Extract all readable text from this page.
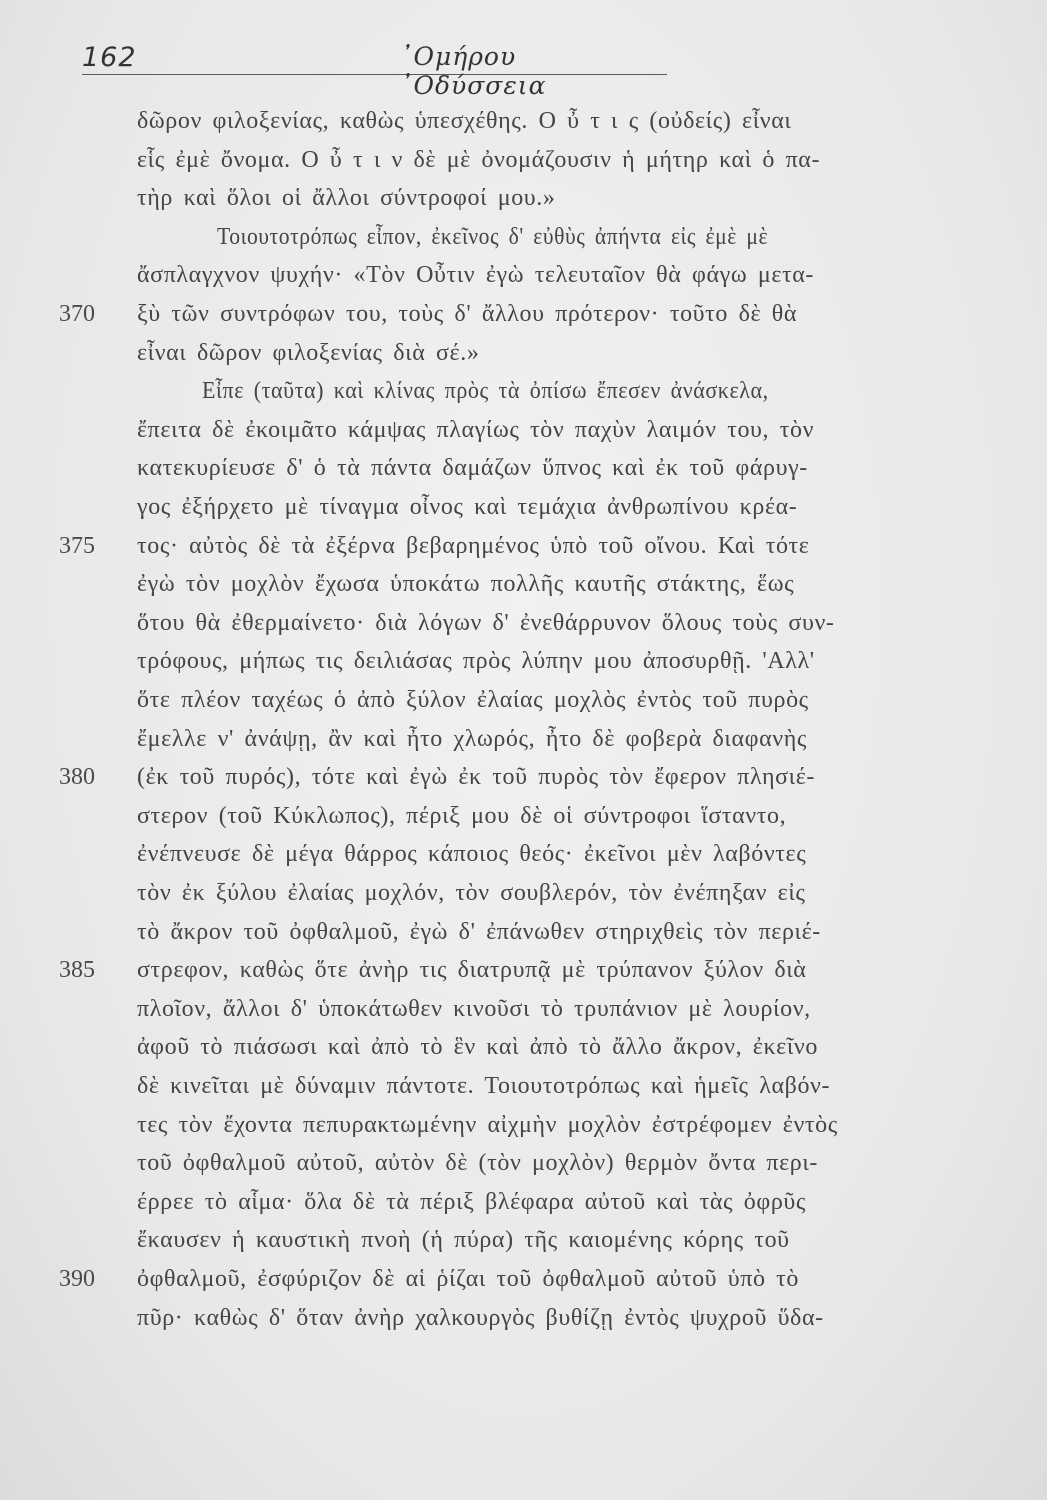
162	᾽Ομήρου ᾽Οδύσσεια
δῶρον φιλοξενίας, καθὼς ὑπεσχέθης. Ο ὖ τ ι ς (οὐδείς) εἶναι
εἷς ἐμὲ ὄνομα. Ο ὖ τ ι ν δὲ μὲ ὀνομάζουσιν ἡ μήτηρ καὶ ὁ πα-
τὴρ καὶ ὅλοι οἱ ἄλλοι σύντροφοί μου.»
Τοιουτοτρόπως εἶπον, ἐκεῖνος δ' εὐθὺς ἀπήντα εἰς ἐμὲ μὲ
ἄσπλαγχνον ψυχήν· «Τὸν Οὖτιν ἐγὼ τελευταῖον θὰ φάγω μετα-
ξὺ τῶν συντρόφων του, τοὺς δ' ἄλλου πρότερον· τοῦτο δὲ θὰ
370
εἶναι δῶρον φιλοξενίας διὰ σέ.»
Εἶπε (ταῦτα) καὶ κλίνας πρὸς τὰ ὀπίσω ἔπεσεν ἀνάσκελα,
ἔπειτα δὲ ἐκοιμᾶτο κάμψας πλαγίως τὸν παχὺν λαιμόν του, τὸν
κατεκυρίευσε δ' ὁ τὰ πάντα δαμάζων ὕπνος καὶ ἐκ τοῦ φάρυγ-
γος ἐξήρχετο μὲ τίναγμα οἶνος καὶ τεμάχια ἀνθρωπίνου κρέα-
τος· αὐτὸς δὲ τὰ ἐξέρνα βεβαρημένος ὑπὸ τοῦ οἴνου. Καὶ τότε
375
ἐγὼ τὸν μοχλὸν ἔχωσα ὑποκάτω πολλῆς καυτῆς στάκτης, ἕως
ὅτου θὰ ἐθερμαίνετο· διὰ λόγων δ' ἐνεθάρρυνον ὅλους τοὺς συν-
τρόφους, μήπως τις δειλιάσας πρὸς λύπην μου ἀποσυρθῇ. 'Αλλ'
ὅτε πλέον ταχέως ὁ ἀπὸ ξύλον ἐλαίας μοχλὸς ἐντὸς τοῦ πυρὸς
ἔμελλε ν' ἀνάψῃ, ἂν καὶ ἦτο χλωρός, ἦτο δὲ φοβερὰ διαφανὴς
(ἐκ τοῦ πυρός), τότε καὶ ἐγὼ ἐκ τοῦ πυρὸς τὸν ἔφερον πλησιέ-
380
στερον (τοῦ Κύκλωπος), πέριξ μου δὲ οἱ σύντροφοι ἵσταντο,
ἐνέπνευσε δὲ μέγα θάρρος κάποιος θεός· ἐκεῖνοι μὲν λαβόντες
τὸν ἐκ ξύλου ἐλαίας μοχλόν, τὸν σουβλερόν, τὸν ἐνέπηξαν εἰς
τὸ ἄκρον τοῦ ὀφθαλμοῦ, ἐγὼ δ' ἐπάνωθεν στηριχθεὶς τὸν περιέ-
στρεφον, καθὼς ὅτε ἀνὴρ τις διατρυπᾷ μὲ τρύπανον ξύλον διὰ
385
πλοῖον, ἄλλοι δ' ὑποκάτωθεν κινοῦσι τὸ τρυπάνιον μὲ λουρίον,
ἀφοῦ τὸ πιάσωσι καὶ ἀπὸ τὸ ἓν καὶ ἀπὸ τὸ ἄλλο ἄκρον, ἐκεῖνο
δὲ κινεῖται μὲ δύναμιν πάντοτε. Τοιουτοτρόπως καὶ ἡμεῖς λαβόν-
τες τὸν ἔχοντα πεπυρακτωμένην αἰχμὴν μοχλὸν ἐστρέφομεν ἐντὸς
τοῦ ὀφθαλμοῦ αὐτοῦ, αὐτὸν δὲ (τὸν μοχλὸν) θερμὸν ὄντα περι-
έρρεε τὸ αἷμα· ὅλα δὲ τὰ πέριξ βλέφαρα αὐτοῦ καὶ τὰς ὀφρῦς
ἔκαυσεν ἡ καυστικὴ πνοὴ (ἡ πύρα) τῆς καιομένης κόρης τοῦ
ὀφθαλμοῦ, ἐσφύριζον δὲ αἱ ῥίζαι τοῦ ὀφθαλμοῦ αὐτοῦ ὑπὸ τὸ
390
πῦρ· καθὼς δ' ὅταν ἀνὴρ χαλκουργὸς βυθίζῃ ἐντὸς ψυχροῦ ὕδα-
